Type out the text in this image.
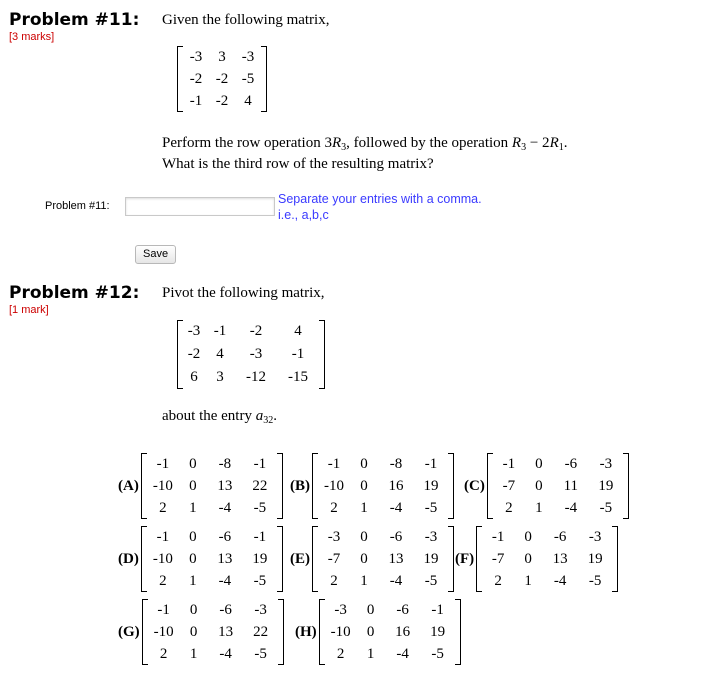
Problem #11: Given the following matrix,
[3 marks]
-3	3	-3
-2 -2 -5
-1 -2	4
Perform the row operation $3R_3$, followed by the operation $R_3 - 2R_1$.
What is the third row of the resulting matrix?
Problem #11:	Separate your entries with a comma.
i.e., a,b,c
Save
Problem #12: Pivot the following matrix,
[1 mark]
-3 -1	-2	4
-2	4	-3	-1
6	3	-12	-15
about the entry $a_{32}$.
(A)
-1	0	-8	-1
-10	0	13	22
2	1	-4	-5
(B)
-1	0	-8	-1
-10	0	16	19
2	1	-4	-5
(C)
-1	0	-6	-3
-7	0	11	19
2	1	-4	-5
(D)
-1	0	-6	-1
-10	0	13	19
2	1	-4	-5
(E)
-3	0	-6	-3
-7	0	13	19
2	1	-4	-5
(F)
-1	0	-6	-3
-7	0	13	19
2	1	-4	-5
(G)
-1	0	-6	-3
-10	0	13	22
2	1	-4	-5
(H)
-3	0	-6	-1
-10	0	16	19
2	1	-4	-5
